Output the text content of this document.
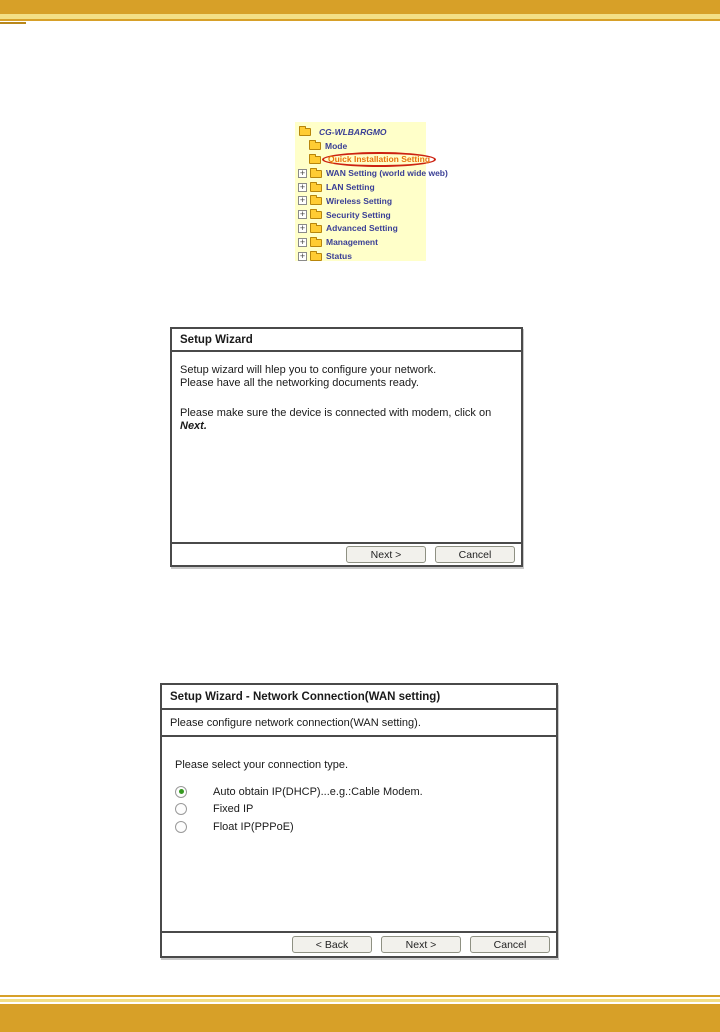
CG-WLBARGMO
Mode
Quick Installation Setting
+ WAN Setting (world wide web)
+ LAN Setting
+ Wireless Setting
+ Security Setting
+ Advanced Setting
+ Management
+ Status
Setup Wizard
Setup wizard will hlep you to configure your network.
Please have all the networking documents ready.
Please make sure the device is connected with modem, click on Next.
Next >	Cancel
Setup Wizard - Network Connection(WAN setting)
Please configure network connection(WAN setting).
Please select your connection type.
Auto obtain IP(DHCP)...e.g.:Cable Modem.
Fixed IP
Float IP(PPPoE)
< Back	Next >	Cancel
